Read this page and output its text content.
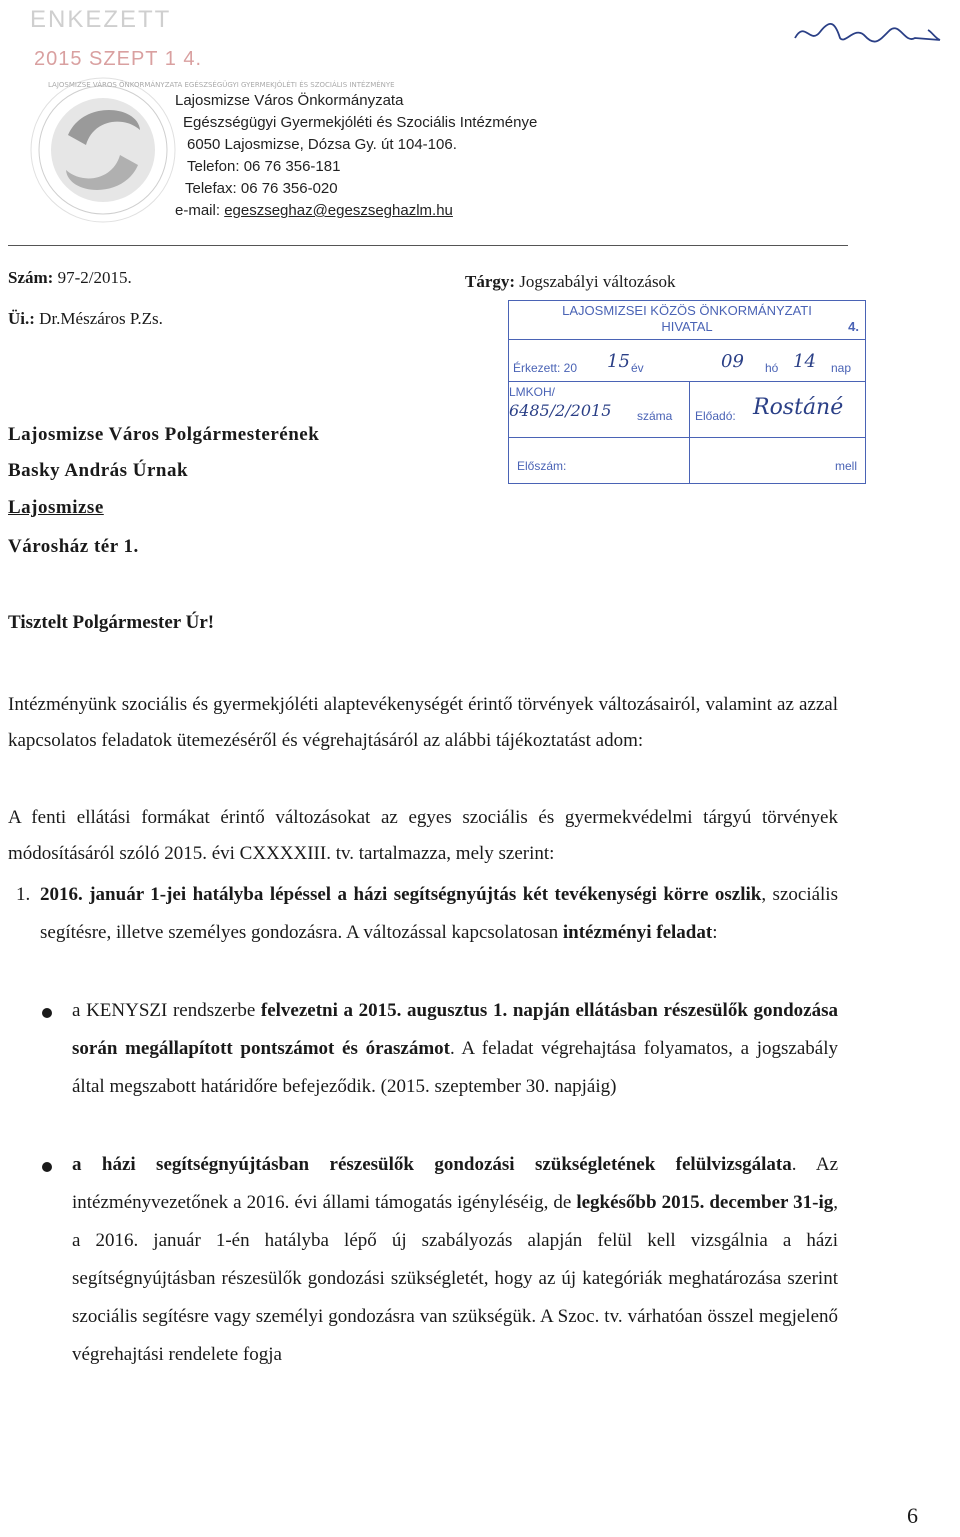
ENKEZETT
2015 SZEPT 1 4.
LAJOSMIZSE VÁROS ÖNKORMÁNYZATA EGÉSZSÉGÜGYI GYERMEKJÓLÉTI ÉS SZOCIÁLIS INTÉZMÉNYE
Lajosmizse Város Önkormányzata
Egészségügyi Gyermekjóléti és Szociális Intézménye
6050 Lajosmizse, Dózsa Gy. út 104-106.
Telefon: 06 76 356-181
Telefax: 06 76 356-020
e-mail: egeszseghaz@egeszseghazlm.hu
Szám: 97-2/2015.
Üi.: Dr.Mészáros P.Zs.
Tárgy: Jogszabályi változások
LAJOSMIZSEI KÖZÖS ÖNKORMÁNYZATI
HIVATAL	4.
Érkezett: 20 15 év	09 hó 14 nap
LMKOH/
6485/2/2015 száma Előadó: Rostáné
Előszám:	mell
Lajosmizse Város Polgármesterének
Basky András Úrnak
Lajosmizse
Városház tér 1.
Tisztelt Polgármester Úr!
Intézményünk szociális és gyermekjóléti alaptevékenységét érintő törvények változásairól, valamint az azzal kapcsolatos feladatok ütemezéséről és végrehajtásáról az alábbi tájékoztatást adom:
A fenti ellátási formákat érintő változásokat az egyes szociális és gyermekvédelmi tárgyú törvények módosításáról szóló 2015. évi CXXXXIII. tv. tartalmazza, mely szerint:
1. 2016. január 1-jei hatályba lépéssel a házi segítségnyújtás két tevékenységi körre oszlik, szociális segítésre, illetve személyes gondozásra. A változással kapcsolatosan intézményi feladat:
a KENYSZI rendszerbe felvezetni a 2015. augusztus 1. napján ellátásban részesülők gondozása során megállapított pontszámot és óraszámot. A feladat végrehajtása folyamatos, a jogszabály által megszabott határidőre befejeződik. (2015. szeptember 30. napjáig)
a házi segítségnyújtásban részesülők gondozási szükségletének felülvizsgálata. Az intézményvezetőnek a 2016. évi állami támogatás igényléséig, de legkésőbb 2015. december 31-ig, a 2016. január 1-én hatályba lépő új szabályozás alapján felül kell vizsgálnia a házi segítségnyújtásban részesülők gondozási szükségletét, hogy az új kategóriák meghatározása szerint szociális segítésre vagy személyi gondozásra van szükségük. A Szoc. tv. várhatóan összel megjelenő végrehajtási rendelete fogja
6
